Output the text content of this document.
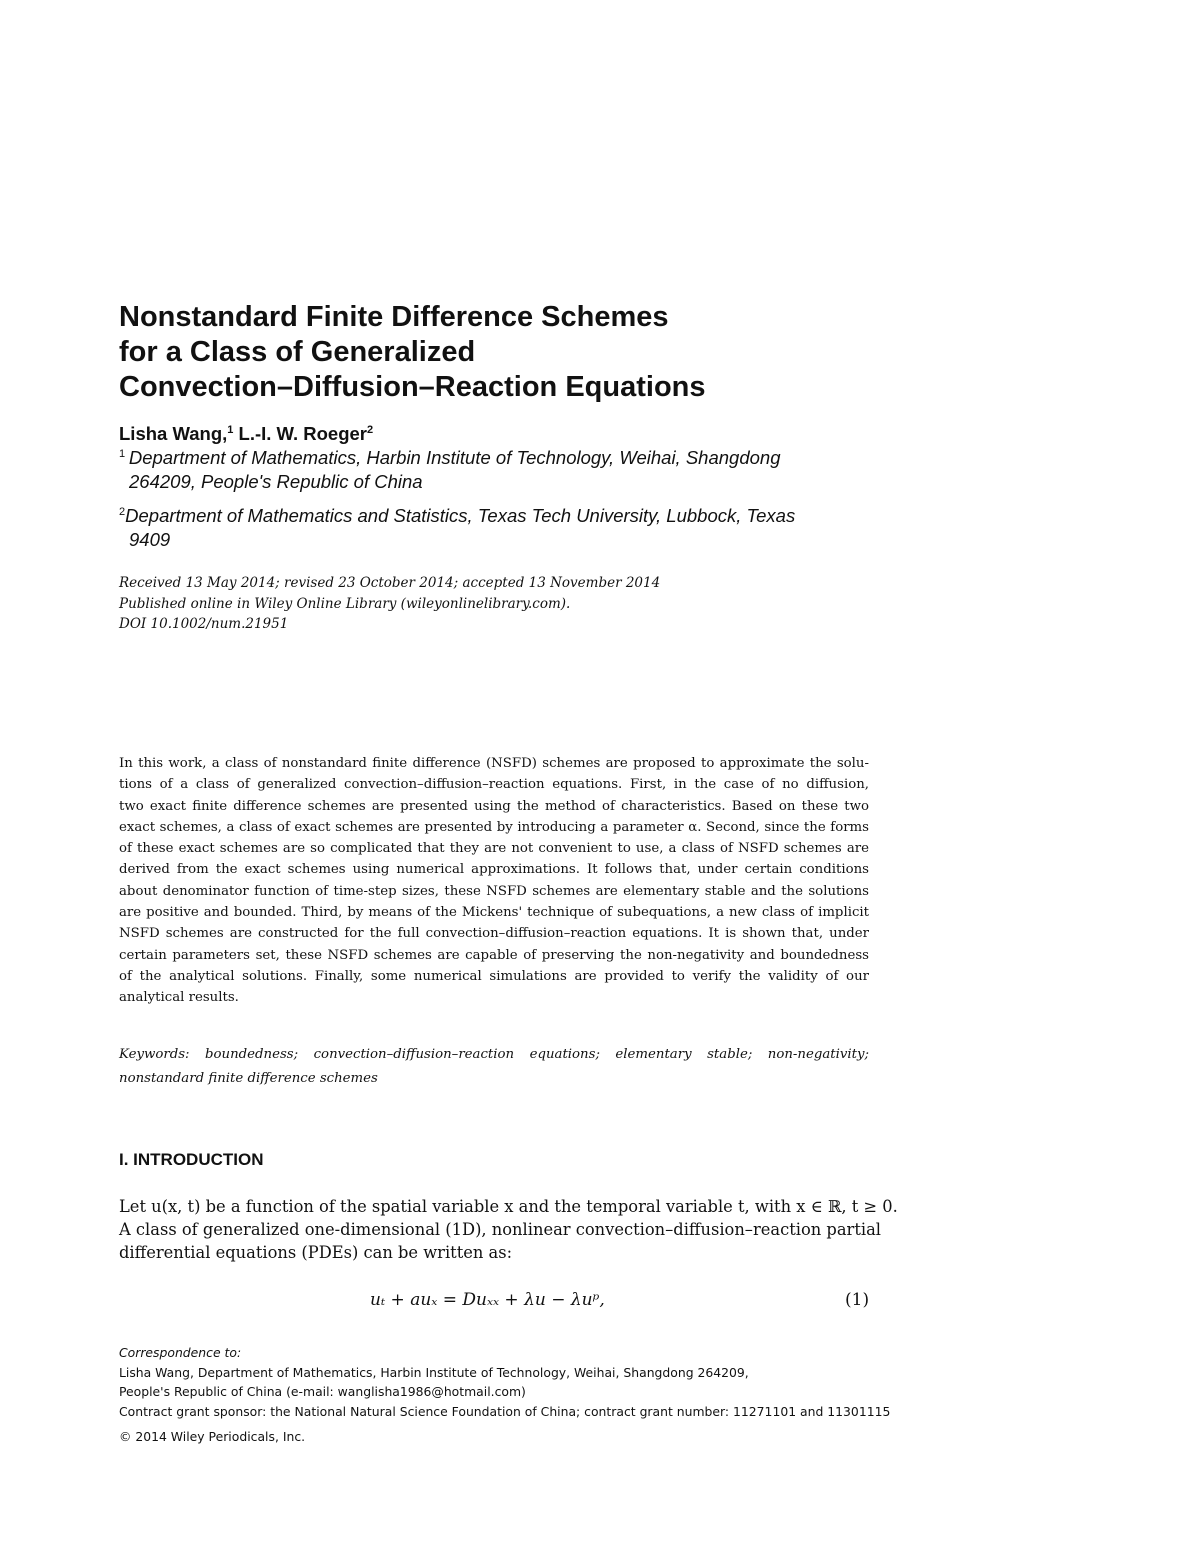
Nonstandard Finite Difference Schemes
for a Class of Generalized
Convection–Diffusion–Reaction Equations

Lisha Wang,$^1$ L.-I. W. Roeger$^2$

$^1$  Department of Mathematics, Harbin Institute of Technology, Weihai, Shangdong
264209, People's Republic of China

$^2$Department of Mathematics and Statistics, Texas Tech University, Lubbock, Texas
9409

Received 13 May 2014; revised 23 October 2014; accepted 13 November 2014
Published online in Wiley Online Library (wileyonlinelibrary.com).
DOI 10.1002/num.21951
In this work, a class of nonstandard finite difference (NSFD) schemes are proposed to approximate the solu-
tions of a class of generalized convection–diffusion–reaction equations. First, in the case of no diffusion,
two exact finite difference schemes are presented using the method of characteristics. Based on these two
exact schemes, a class of exact schemes are presented by introducing a parameter α. Second, since the forms
of these exact schemes are so complicated that they are not convenient to use, a class of NSFD schemes are
derived from the exact schemes using numerical approximations. It follows that, under certain conditions
about denominator function of time-step sizes, these NSFD schemes are elementary stable and the solutions
are positive and bounded. Third, by means of the Mickens' technique of subequations, a new class of implicit
NSFD schemes are constructed for the full convection–diffusion–reaction equations. It is shown that, under
certain parameters set, these NSFD schemes are capable of preserving the non-negativity and boundedness
of the analytical solutions. Finally, some numerical simulations are provided to verify the validity of our
analytical results.
Keywords: boundedness; convection–diffusion–reaction equations; elementary stable; non-negativity;
nonstandard finite difference schemes
I. INTRODUCTION
Let u(x, t) be a function of the spatial variable x and the temporal variable t, with x ∈ ℝ, t ≥ 0.
A class of generalized one-dimensional (1D), nonlinear convection–diffusion–reaction partial
differential equations (PDEs) can be written as:

uₜ + auₓ = Duₓₓ + λu − λuᵖ,	(1)

Correspondence to:
Lisha Wang, Department of Mathematics, Harbin Institute of Technology, Weihai, Shangdong 264209,
People's Republic of China (e-mail: wanglisha1986@hotmail.com)
Contract grant sponsor: the National Natural Science Foundation of China; contract grant number: 11271101 and 11301115
© 2014 Wiley Periodicals, Inc.
